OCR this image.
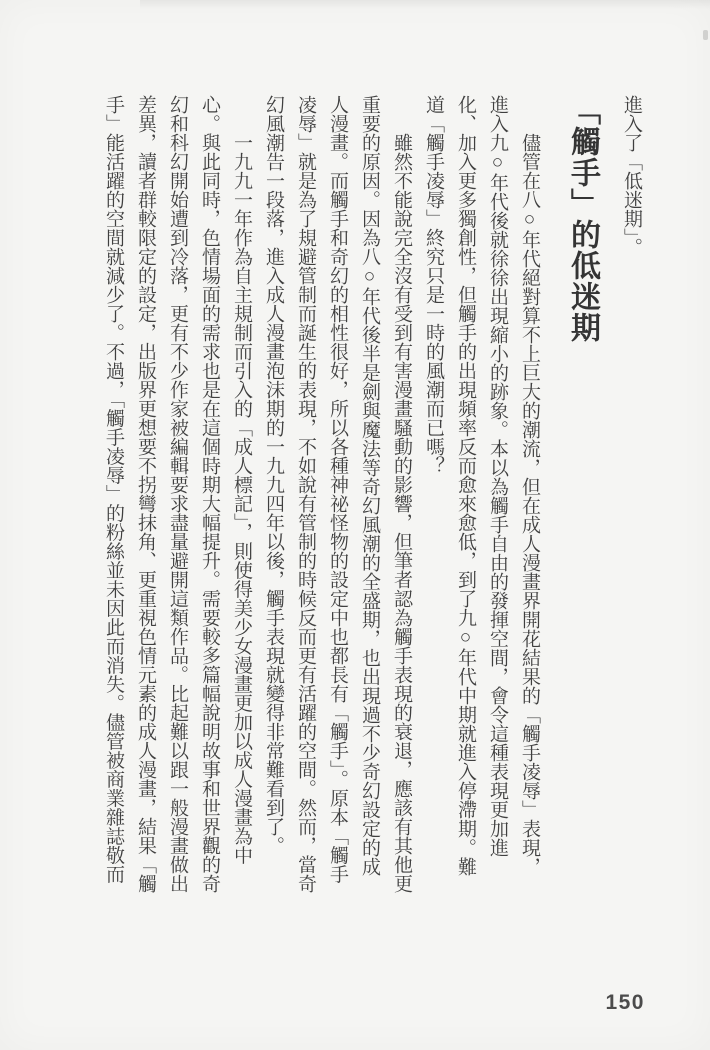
進入了「低迷期」。

「觸手」的低迷期

儘管在八○年代絕對算不上巨大的潮流，但在成人漫畫界開花結果的「觸手凌辱」表現，進入九○年代後就徐徐出現縮小的跡象。本以為觸手自由的發揮空間，會令這種表現更加進化、加入更多獨創性，但觸手的出現頻率反而愈來愈低，到了九○年代中期就進入停滯期。難道「觸手凌辱」終究只是一時的風潮而已嗎？

雖然不能說完全沒有受到有害漫畫騷動的影響，但筆者認為觸手表現的衰退，應該有其他更重要的原因。因為八○年代後半是劍與魔法等奇幻風潮的全盛期，也出現過不少奇幻設定的成人漫畫。而觸手和奇幻的相性很好，所以各種神祕怪物的設定中也都長有「觸手」。原本「觸手凌辱」就是為了規避管制而誕生的表現，不如說有管制的時候反而更有活躍的空間。然而，當奇幻風潮告一段落，進入成人漫畫泡沫期的一九九四年以後，觸手表現就變得非常難看到了。

一九九一年作為自主規制而引入的「成人標記」，則使得美少女漫畫更加以成人漫畫為中心。與此同時，色情場面的需求也是在這個時期大幅提升。需要較多篇幅說明故事和世界觀的奇幻和科幻開始遭到冷落，更有不少作家被編輯要求盡量避開這類作品。比起難以跟一般漫畫做出差異，讀者群較限定的設定，出版界更想要不拐彎抹角、更重視色情元素的成人漫畫，結果「觸手」能活躍的空間就減少了。不過，「觸手凌辱」的粉絲並未因此而消失。儘管被商業雜誌敬而

150
